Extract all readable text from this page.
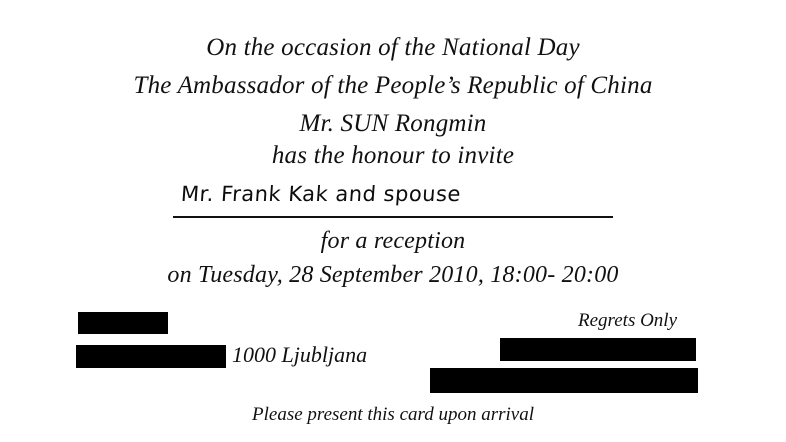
On the occasion of the National Day
The Ambassador of the People’s Republic of China
Mr. SUN Rongmin
has the honour to invite
Mr. Frank Kak and spouse
for a reception
on Tuesday, 28 September 2010, 18:00- 20:00
1000 Ljubljana
Regrets Only
Please present this card upon arrival
